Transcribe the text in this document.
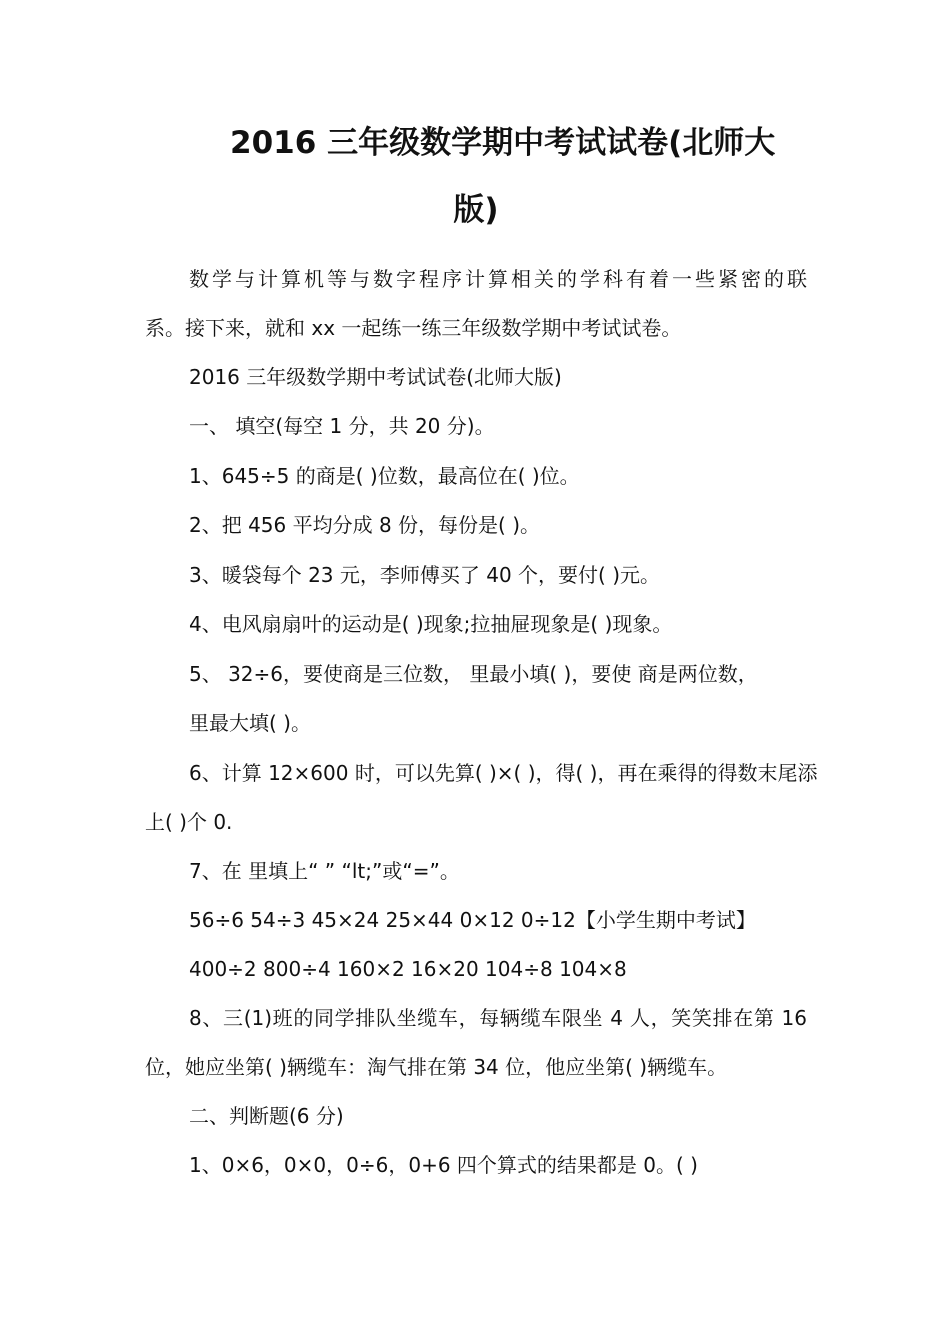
2016 三年级数学期中考试试卷(北师大
版)

数学与计算机等与数字程序计算相关的学科有着一些紧密的联

系。接下来，就和 xx 一起练一练三年级数学期中考试试卷。

2016 三年级数学期中考试试卷(北师大版)

一、 填空(每空 1 分，共 20 分)。

1、645÷5 的商是( )位数，最高位在( )位。

2、把 456 平均分成 8 份，每份是( )。

3、暖袋每个 23 元，李师傅买了 40 个，要付( )元。

4、电风扇扇叶的运动是( )现象;拉抽屉现象是( )现象。

5、 32÷6，要使商是三位数， 里最小填( )，要使 商是两位数，

里最大填( )。

6、计算 12×600 时，可以先算( )×( )，得( )，再在乘得的得数末尾添

上( )个 0.

7、在 里填上“ ” “lt;”或“=”。

56÷6 54÷3 45×24 25×44 0×12 0÷12【小学生期中考试】

400÷2 800÷4 160×2 16×20 104÷8 104×8

8、三(1)班的同学排队坐缆车，每辆缆车限坐 4 人，笑笑排在第 16

位，她应坐第( )辆缆车：淘气排在第 34 位，他应坐第( )辆缆车。

二、判断题(6 分)

1、0×6，0×0，0÷6，0+6 四个算式的结果都是 0。( )
